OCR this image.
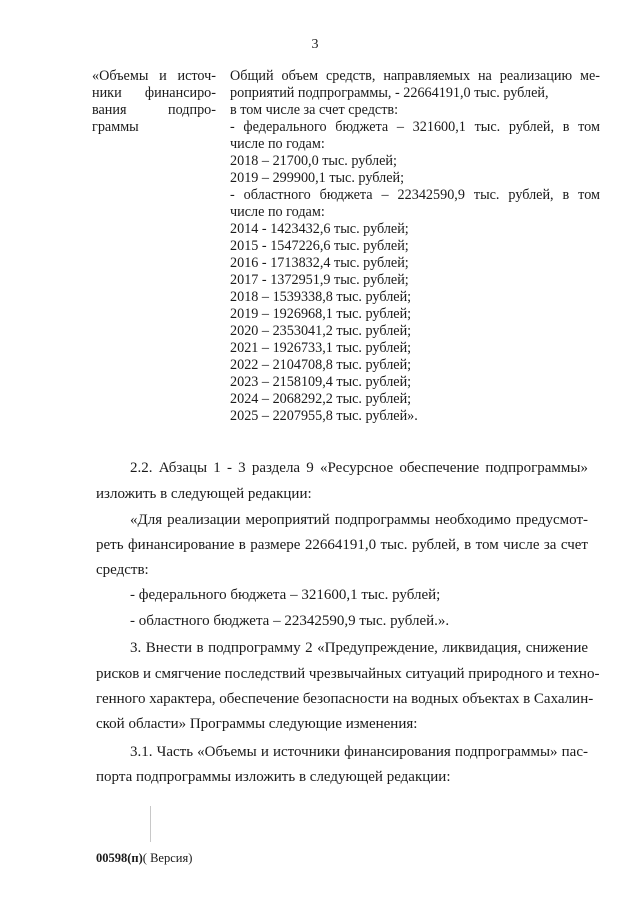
3
«Объемы и источ-
ники финансиро-
вания подпро-
граммы
Общий объем средств, направляемых на реализацию ме-
роприятий подпрограммы, - 22664191,0 тыс. рублей,
в том числе за счет средств:
- федерального бюджета – 321600,1 тыс. рублей, в том
числе по годам:
2018 – 21700,0 тыс. рублей;
2019 – 299900,1 тыс. рублей;
- областного бюджета – 22342590,9 тыс. рублей, в том
числе по годам:
2014 - 1423432,6 тыс. рублей;
2015 - 1547226,6 тыс. рублей;
2016 - 1713832,4 тыс. рублей;
2017 - 1372951,9 тыс. рублей;
2018 – 1539338,8 тыс. рублей;
2019 – 1926968,1 тыс. рублей;
2020 – 2353041,2 тыс. рублей;
2021 – 1926733,1 тыс. рублей;
2022 – 2104708,8 тыс. рублей;
2023 – 2158109,4 тыс. рублей;
2024 – 2068292,2 тыс. рублей;
2025 – 2207955,8 тыс. рублей».
2.2. Абзацы 1 - 3 раздела 9 «Ресурсное обеспечение подпрограммы»
изложить в следующей редакции:
«Для реализации мероприятий подпрограммы необходимо предусмот-
реть финансирование в размере 22664191,0 тыс. рублей, в том числе за счет
средств:
- федерального бюджета – 321600,1 тыс. рублей;
- областного бюджета – 22342590,9 тыс. рублей.».
3. Внести в подпрограмму 2 «Предупреждение, ликвидация, снижение
рисков и смягчение последствий чрезвычайных ситуаций природного и техно-
генного характера, обеспечение безопасности на водных объектах в Сахалин-
ской области» Программы следующие изменения:
3.1. Часть «Объемы и источники финансирования подпрограммы» пас-
порта подпрограммы изложить в следующей редакции:
00598(п)( Версия)
